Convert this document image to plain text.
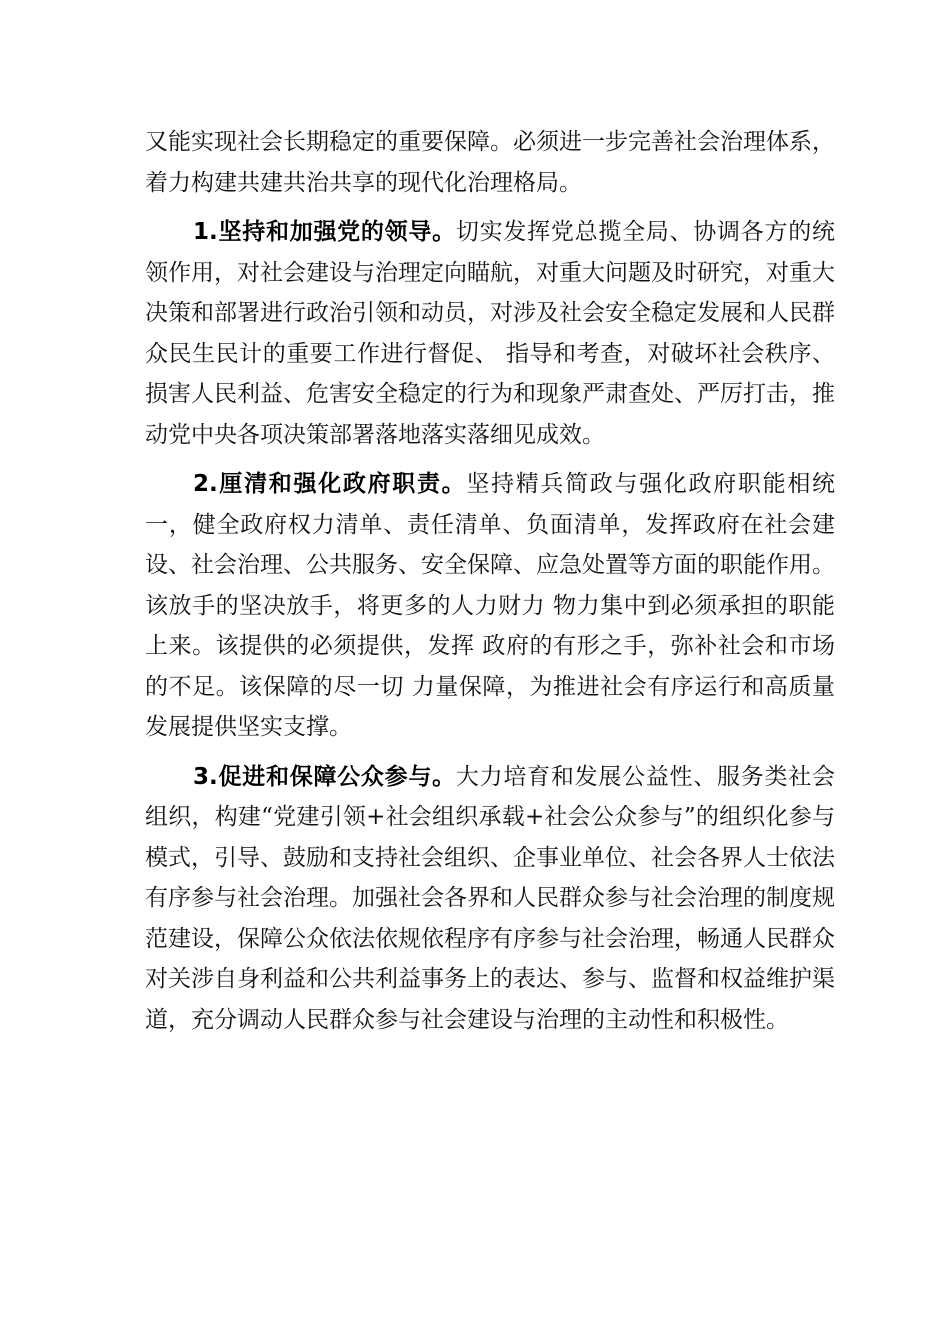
又能实现社会长期稳定的重要保障。必须进一步完善社会治理体系，着力构建共建共治共享的现代化治理格局。

1.坚持和加强党的领导。切实发挥党总揽全局、协调各方的统领作用，对社会建设与治理定向瞄航，对重大问题及时研究，对重大决策和部署进行政治引领和动员，对涉及社会安全稳定发展和人民群众民生民计的重要工作进行督促、 指导和考查，对破坏社会秩序、损害人民利益、危害安全稳定的行为和现象严肃查处、严厉打击，推动党中央各项决策部署落地落实落细见成效。

2.厘清和强化政府职责。坚持精兵简政与强化政府职能相统一，健全政府权力清单、责任清单、负面清单，发挥政府在社会建设、社会治理、公共服务、安全保障、应急处置等方面的职能作用。该放手的坚决放手，将更多的人力财力 物力集中到必须承担的职能上来。该提供的必须提供，发挥 政府的有形之手，弥补社会和市场的不足。该保障的尽一切 力量保障，为推进社会有序运行和高质量发展提供坚实支撑。

3.促进和保障公众参与。大力培育和发展公益性、服务类社会组织，构建“党建引领+社会组织承载+社会公众参与”的组织化参与模式，引导、鼓励和支持社会组织、企事业单位、社会各界人士依法有序参与社会治理。加强社会各界和人民群众参与社会治理的制度规范建设，保障公众依法依规依程序有序参与社会治理，畅通人民群众对关涉自身利益和公共利益事务上的表达、参与、监督和权益维护渠道，充分调动人民群众参与社会建设与治理的主动性和积极性。
